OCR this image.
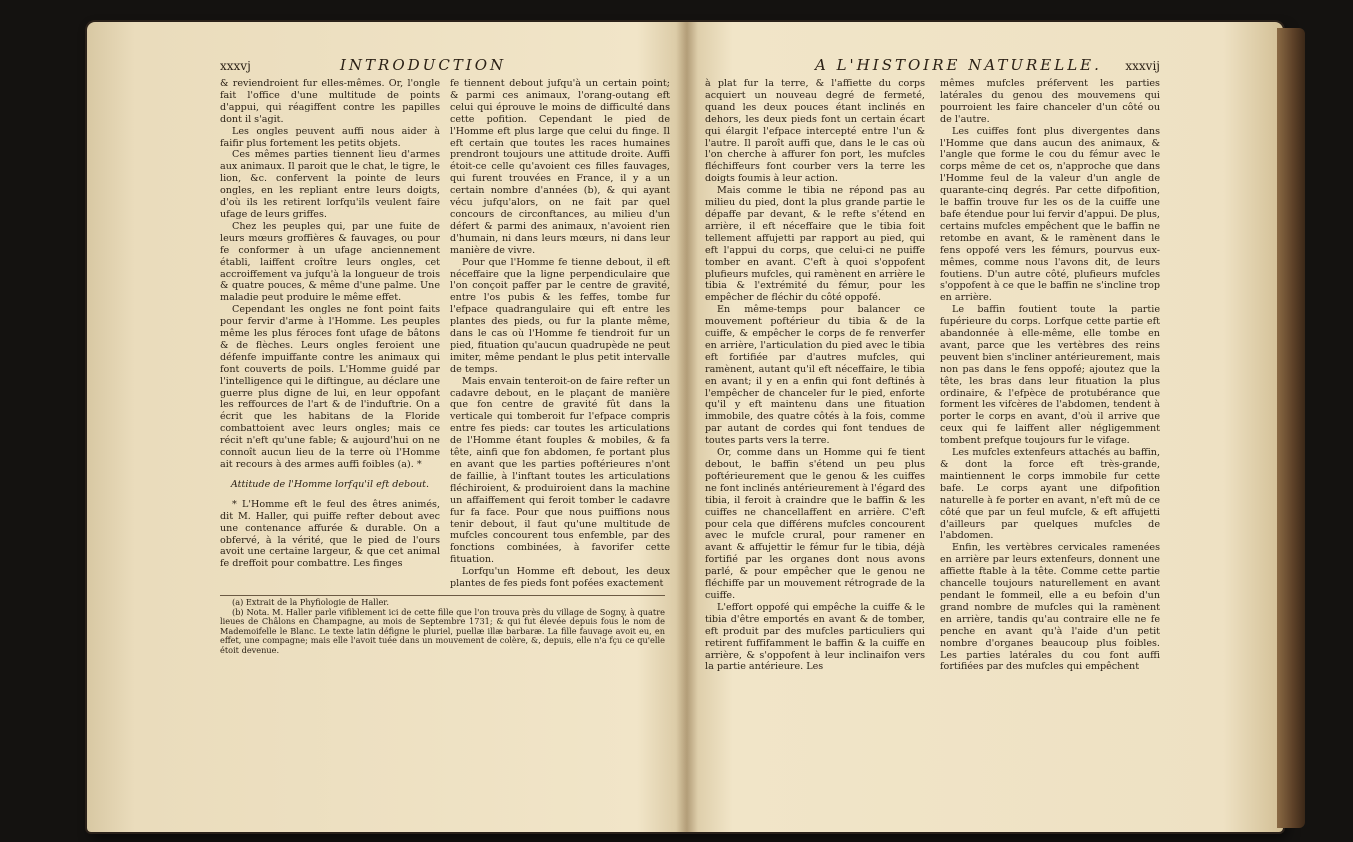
xxxvj	INTRODUCTION

& reviendroient fur elles-mêmes. Or, l'ongle fait l'office d'une multitude de points d'appui, qui réagiffent contre les papilles dont il s'agit.

Les ongles peuvent auffi nous aider à faifir plus fortement les petits objets.

Ces mêmes parties tiennent lieu d'armes aux animaux. Il paroit que le chat, le tigre, le lion, &c. confervent la pointe de leurs ongles, en les repliant entre leurs doigts, d'où ils les retirent lorfqu'ils veulent faire ufage de leurs griffes.

Chez les peuples qui, par une fuite de leurs mœurs groffières & fauvages, ou pour fe conformer à un ufage anciennement établi, laiffent croître leurs ongles, cet accroiffement va jufqu'à la longueur de trois & quatre pouces, & même d'une palme. Une maladie peut produire le même effet.

Cependant les ongles ne font point faits pour fervir d'arme à l'Homme. Les peuples même les plus féroces font ufage de bâtons & de flèches. Leurs ongles feroient une défenfe impuiffante contre les animaux qui font couverts de poils. L'Homme guidé par l'intelligence qui le diftingue, au déclare une guerre plus digne de lui, en leur oppofant les reffources de l'art & de l'induftrie. On a écrit que les habitans de la Floride combattoient avec leurs ongles; mais ce récit n'eft qu'une fable; & aujourd'hui on ne connoît aucun lieu de la terre où l'Homme ait recours à des armes auffi foibles (a). *

Attitude de l'Homme lorfqu'il eft debout.

* L'Homme eft le feul des êtres animés, dit M. Haller, qui puiffe refter debout avec une contenance affurée & durable. On a obfervé, à la vérité, que le pied de l'ours avoit une certaine largeur, & que cet animal fe dreffoit pour combattre. Les finges

fe tiennent debout jufqu'à un certain point; & parmi ces animaux, l'orang-outang eft celui qui éprouve le moins de difficulté dans cette pofition. Cependant le pied de l'Homme eft plus large que celui du finge. Il eft certain que toutes les races humaines prendront toujours une attitude droite. Auffi étoit-ce celle qu'avoient ces filles fauvages, qui furent trouvées en France, il y a un certain nombre d'années (b), & qui ayant vécu jufqu'alors, on ne fait par quel concours de circonftances, au milieu d'un défert & parmi des animaux, n'avoient rien d'humain, ni dans leurs mœurs, ni dans leur manière de vivre.

Pour que l'Homme fe tienne debout, il eft néceffaire que la ligne perpendiculaire que l'on conçoit paffer par le centre de gravité, entre l'os pubis & les feffes, tombe fur l'efpace quadrangulaire qui eft entre les plantes des pieds, ou fur la plante même, dans le cas où l'Homme fe tiendroit fur un pied, fituation qu'aucun quadrupède ne peut imiter, même pendant le plus petit intervalle de temps.

Mais envain tenteroit-on de faire refter un cadavre debout, en le plaçant de manière que fon centre de gravité fût dans la verticale qui tomberoit fur l'efpace compris entre fes pieds: car toutes les articulations de l'Homme étant fouples & mobiles, & fa tête, ainfi que fon abdomen, fe portant plus en avant que les parties poftérieures n'ont de faillie, à l'inftant toutes les articulations fléchiroient, & produiroient dans la machine un affaiffement qui feroit tomber le cadavre fur fa face. Pour que nous puiffions nous tenir debout, il faut qu'une multitude de mufcles concourent tous enfemble, par des fonctions combinées, à favorifer cette fituation.

Lorfqu'un Homme eft debout, les deux plantes de fes pieds font pofées exactement

(a) Extrait de la Phyfiologie de Haller.

(b) Nota. M. Haller parle vifiblement ici de cette fille que l'on trouva près du village de Sogny, à quatre lieues de Châlons en Champagne, au mois de Septembre 1731; & qui fut élevée depuis fous le nom de Mademoifelle le Blanc. Le texte latin défigne le pluriel, puellæ illæ barbaræ. La fille fauvage avoit eu, en effet, une compagne; mais elle l'avoit tuée dans un mouvement de colère, &, depuis, elle n'a fçu ce qu'elle étoit devenue.

A L'HISTOIRE NATURELLE. xxxvij

à plat fur la terre, & l'affiette du corps acquiert un nouveau degré de fermeté, quand les deux pouces étant inclinés en dehors, les deux pieds font un certain écart qui élargit l'efpace intercepté entre l'un & l'autre. Il paroît auffi que, dans le le cas où l'on cherche à affurer fon port, les mufcles fléchiffeurs font courber vers la terre les doigts foumis à leur action.

Mais comme le tibia ne répond pas au milieu du pied, dont la plus grande partie le dépaffe par devant, & le refte s'étend en arrière, il eft néceffaire que le tibia foit tellement affujetti par rapport au pied, qui eft l'appui du corps, que celui-ci ne puiffe tomber en avant. C'eft à quoi s'oppofent plufieurs mufcles, qui ramènent en arrière le tibia & l'extrémité du fémur, pour les empêcher de fléchir du côté oppofé.

En même-temps pour balancer ce mouvement poftérieur du tibia & de la cuiffe, & empêcher le corps de fe renverfer en arrière, l'articulation du pied avec le tibia eft fortifiée par d'autres mufcles, qui ramènent, autant qu'il eft néceffaire, le tibia en avant; il y en a enfin qui font deftinés à l'empêcher de chanceler fur le pied, enforte qu'il y eft maintenu dans une fituation immobile, des quatre côtés à la fois, comme par autant de cordes qui font tendues de toutes parts vers la terre.

Or, comme dans un Homme qui fe tient debout, le baffin s'étend un peu plus poftérieurement que le genou & les cuiffes ne font inclinés antérieurement à l'égard des tibia, il feroit à craindre que le baffin & les cuiffes ne chancellaffent en arrière. C'eft pour cela que différens mufcles concourent avec le mufcle crural, pour ramener en avant & affujettir le fémur fur le tibia, déjà fortifié par les organes dont nous avons parlé, & pour empêcher que le genou ne fléchiffe par un mouvement rétrograde de la cuiffe.

L'effort oppofé qui empêche la cuiffe & le tibia d'être emportés en avant & de tomber, eft produit par des mufcles particuliers qui retirent fuffifamment le baffin & la cuiffe en arrière, & s'oppofent à leur inclinaifon vers la partie antérieure. Les

mêmes mufcles préfervent les parties latérales du genou des mouvemens qui pourroient les faire chanceler d'un côté ou de l'autre.

Les cuiffes font plus divergentes dans l'Homme que dans aucun des animaux, & l'angle que forme le cou du fémur avec le corps même de cet os, n'approche que dans l'Homme feul de la valeur d'un angle de quarante-cinq degrés. Par cette difpofition, le baffin trouve fur les os de la cuiffe une bafe étendue pour lui fervir d'appui. De plus, certains mufcles empêchent que le baffin ne retombe en avant, & le ramènent dans le fens oppofé vers les fémurs, pourvus eux-mêmes, comme nous l'avons dit, de leurs foutiens. D'un autre côté, plufieurs mufcles s'oppofent à ce que le baffin ne s'incline trop en arrière.

Le baffin foutient toute la partie fupérieure du corps. Lorfque cette partie eft abandonnée à elle-même, elle tombe en avant, parce que les vertèbres des reins peuvent bien s'incliner antérieurement, mais non pas dans le fens oppofé; ajoutez que la tête, les bras dans leur fituation la plus ordinaire, & l'efpèce de protubérance que forment les vifcères de l'abdomen, tendent à porter le corps en avant, d'où il arrive que ceux qui fe laiffent aller négligemment tombent prefque toujours fur le vifage.

Les mufcles extenfeurs attachés au baffin, & dont la force eft très-grande, maintiennent le corps immobile fur cette bafe. Le corps ayant une difpofition naturelle à fe porter en avant, n'eft mû de ce côté que par un feul mufcle, & eft affujetti d'ailleurs par quelques mufcles de l'abdomen.

Enfin, les vertèbres cervicales ramenées en arrière par leurs extenfeurs, donnent une affiette ftable à la tête. Comme cette partie chancelle toujours naturellement en avant pendant le fommeil, elle a eu befoin d'un grand nombre de mufcles qui la ramènent en arrière, tandis qu'au contraire elle ne fe penche en avant qu'à l'aide d'un petit nombre d'organes beaucoup plus foibles. Les parties latérales du cou font auffi fortifiées par des mufcles qui empêchent
